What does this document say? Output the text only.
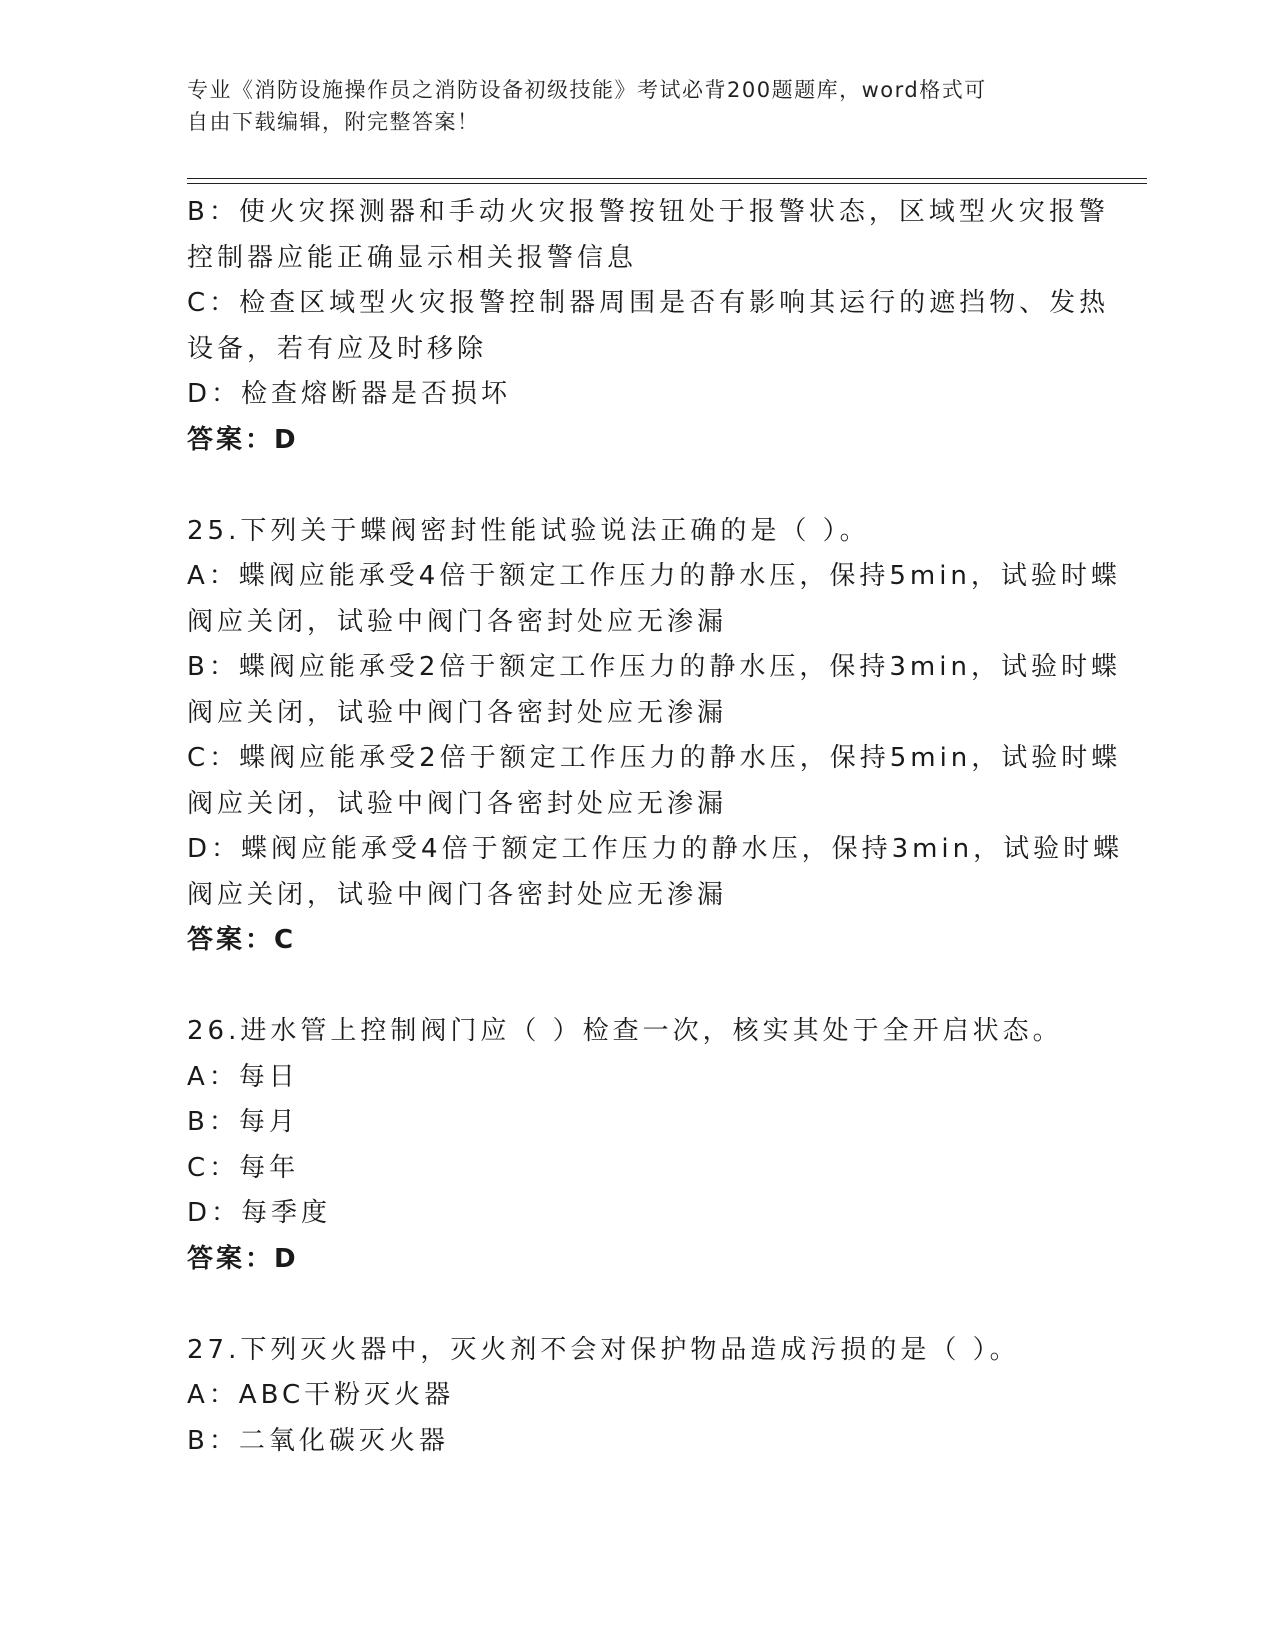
专业《消防设施操作员之消防设备初级技能》考试必背200题题库，word格式可
自由下载编辑，附完整答案！
B：使火灾探测器和手动火灾报警按钮处于报警状态，区域型火灾报警
控制器应能正确显示相关报警信息
C：检查区域型火灾报警控制器周围是否有影响其运行的遮挡物、发热
设备，若有应及时移除
D：检查熔断器是否损坏
答案：D
25.下列关于蝶阀密封性能试验说法正确的是（ ）。
A：蝶阀应能承受4倍于额定工作压力的静水压，保持5min，试验时蝶
阀应关闭，试验中阀门各密封处应无渗漏
B：蝶阀应能承受2倍于额定工作压力的静水压，保持3min，试验时蝶
阀应关闭，试验中阀门各密封处应无渗漏
C：蝶阀应能承受2倍于额定工作压力的静水压，保持5min，试验时蝶
阀应关闭，试验中阀门各密封处应无渗漏
D：蝶阀应能承受4倍于额定工作压力的静水压，保持3min，试验时蝶
阀应关闭，试验中阀门各密封处应无渗漏
答案：C
26.进水管上控制阀门应（ ）检查一次，核实其处于全开启状态。
A：每日
B：每月
C：每年
D：每季度
答案：D
27.下列灭火器中，灭火剂不会对保护物品造成污损的是（ ）。
A：ABC干粉灭火器
B：二氧化碳灭火器
